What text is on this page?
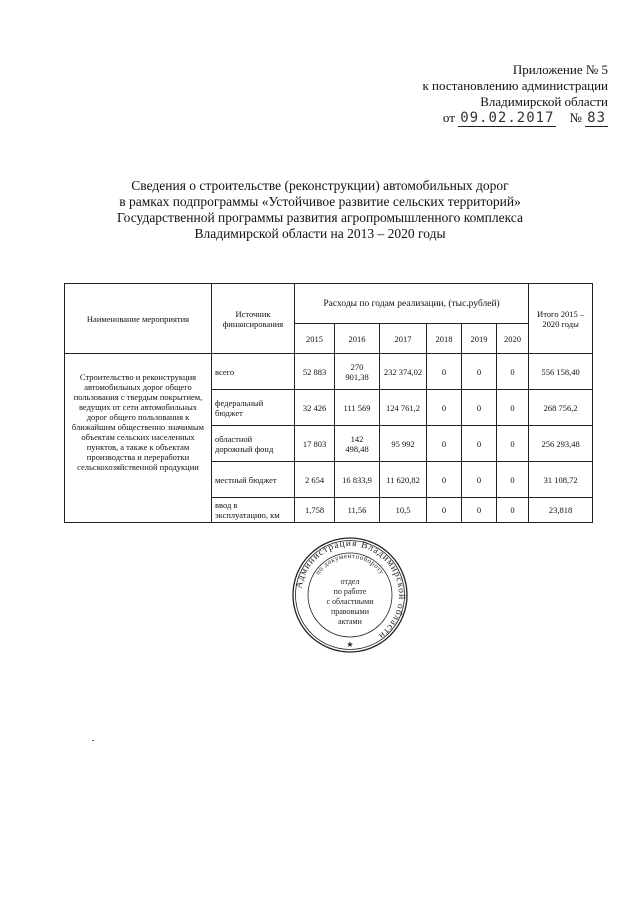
Приложение № 5
к постановлению администрации
Владимирской области
от 09.02.2017 № 83
Сведения о строительстве (реконструкции) автомобильных дорог
в рамках подпрограммы «Устойчивое развитие сельских территорий»
Государственной программы развития агропромышленного комплекса
Владимирской области на 2013 – 2020 годы
Наименование мероприятия	Источник финансирования	Расходы по годам реализации, (тыс.рублей)						Итого 2015 – 2020 годы
		2015	2016	2017	2018	2019	2020	
Строительство и реконструкция автомобильных дорог общего пользования с твердым покрытием, ведущих от сети автомобильных дорог общего пользования к ближайшим общественно значимым объектам сельских населенных пунктов, а также к объектам производства и переработки сельскохозяйственной продукции	всего	52 883	270 901,38	232 374,02	0	0	0	556 158,40
	федеральный бюджет	32 426	111 569	124 761,2	0	0	0	268 756,2
	областной дорожный фонд	17 803	142 498,48	95 992	0	0	0	256 293,48
	местный бюджет	2 654	16 833,9	11 620,82	0	0	0	31 108,72
	ввод в эксплуатацию, км	1,758	11,56	10,5	0	0	0	23,818
Администрация Владимирской области
по документообороту
★
отдел
по работе
с областными
правовыми
актами
